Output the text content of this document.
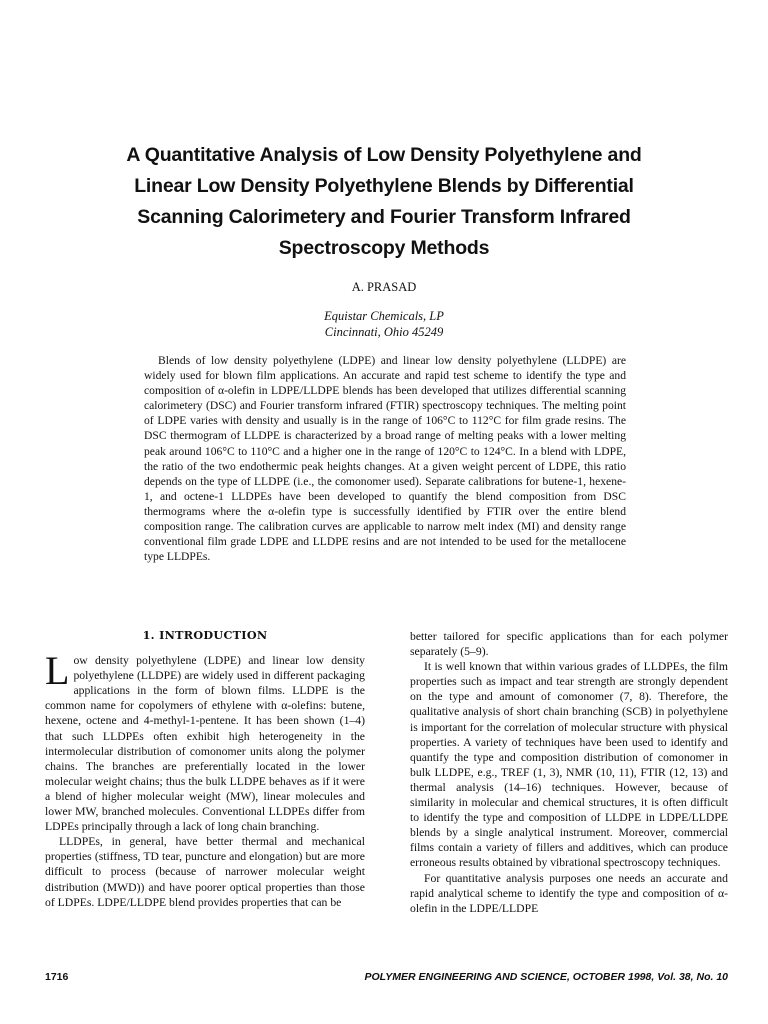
A Quantitative Analysis of Low Density Polyethylene and Linear Low Density Polyethylene Blends by Differential Scanning Calorimetery and Fourier Transform Infrared Spectroscopy Methods
A. PRASAD
Equistar Chemicals, LP
Cincinnati, Ohio 45249

Blends of low density polyethylene (LDPE) and linear low density polyethylene (LLDPE) are widely used for blown film applications. An accurate and rapid test scheme to identify the type and composition of α-olefin in LDPE/LLDPE blends has been developed that utilizes differential scanning calorimetery (DSC) and Fourier transform infrared (FTIR) spectroscopy techniques. The melting point of LDPE varies with density and usually is in the range of 106°C to 112°C for film grade resins. The DSC thermogram of LLDPE is characterized by a broad range of melting peaks with a lower melting peak around 106°C to 110°C and a higher one in the range of 120°C to 124°C. In a blend with LDPE, the ratio of the two endothermic peak heights changes. At a given weight percent of LDPE, this ratio depends on the type of LLDPE (i.e., the comonomer used). Separate calibrations for butene-1, hexene-1, and octene-1 LLDPEs have been developed to quantify the blend composition from DSC thermograms where the α-olefin type is successfully identified by FTIR over the entire blend composition range. The calibration curves are applicable to narrow melt index (MI) and density range conventional film grade LDPE and LLDPE resins and are not intended to be used for the metallocene type LLDPEs.

1. INTRODUCTION

Low density polyethylene (LDPE) and linear low density polyethylene (LLDPE) are widely used in different packaging applications in the form of blown films. LLDPE is the common name for copolymers of ethylene with α-olefins: butene, hexene, octene and 4-methyl-1-pentene. It has been shown (1–4) that such LLDPEs often exhibit high heterogeneity in the intermolecular distribution of comonomer units along the polymer chains. The branches are preferentially located in the lower molecular weight chains; thus the bulk LLDPE behaves as if it were a blend of higher molecular weight (MW), linear molecules and lower MW, branched molecules. Conventional LLDPEs differ from LDPEs principally through a lack of long chain branching.

LLDPEs, in general, have better thermal and mechanical properties (stiffness, TD tear, puncture and elongation) but are more difficult to process (because of narrower molecular weight distribution (MWD)) and have poorer optical properties than those of LDPEs. LDPE/LLDPE blend provides properties that can be

better tailored for specific applications than for each polymer separately (5–9).

It is well known that within various grades of LLDPEs, the film properties such as impact and tear strength are strongly dependent on the type and amount of comonomer (7, 8). Therefore, the qualitative analysis of short chain branching (SCB) in polyethylene is important for the correlation of molecular structure with physical properties. A variety of techniques have been used to identify and quantify the type and composition distribution of comonomer in bulk LLDPE, e.g., TREF (1, 3), NMR (10, 11), FTIR (12, 13) and thermal analysis (14–16) techniques. However, because of similarity in molecular and chemical structures, it is often difficult to identify the type and composition of LLDPE in LDPE/LLDPE blends by a single analytical instrument. Moreover, commercial films contain a variety of fillers and additives, which can produce erroneous results obtained by vibrational spectroscopy techniques.

For quantitative analysis purposes one needs an accurate and rapid analytical scheme to identify the type and composition of α-olefin in the LDPE/LLDPE

1716	POLYMER ENGINEERING AND SCIENCE, OCTOBER 1998, Vol. 38, No. 10
